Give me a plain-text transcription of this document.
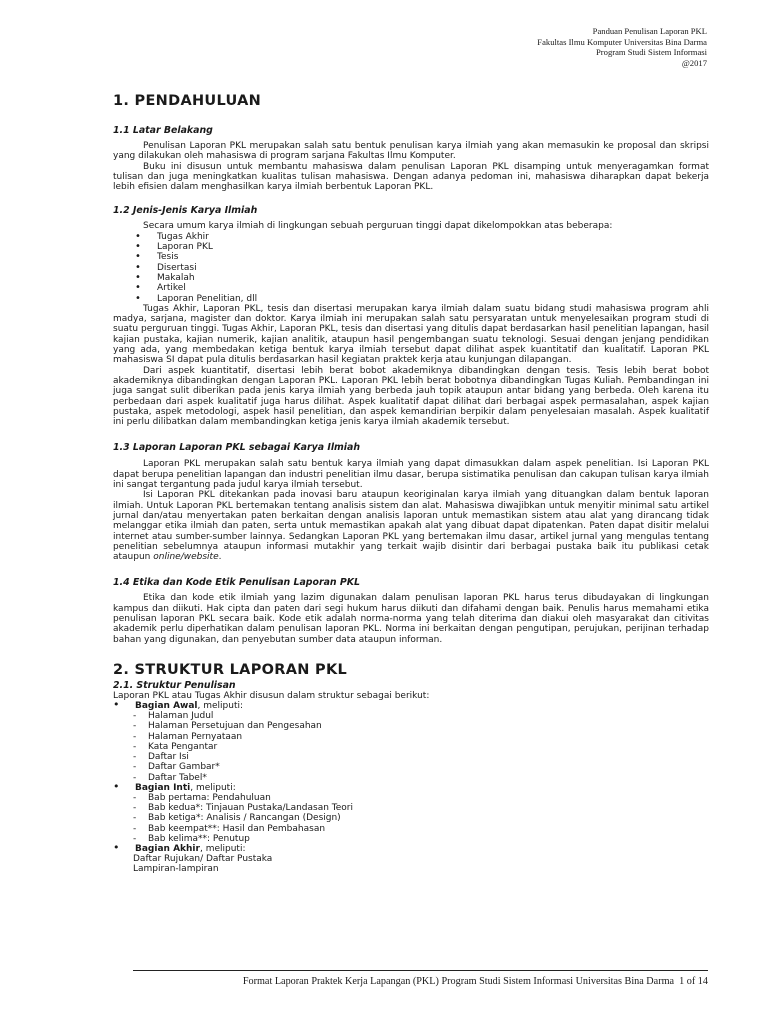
Panduan Penulisan Laporan PKL
Fakultas Ilmu Komputer Universitas Bina Darma
Program Studi Sistem Informasi
@2017
1. PENDAHULUAN
1.1 Latar Belakang

Penulisan Laporan PKL merupakan salah satu bentuk penulisan karya ilmiah yang akan memasukin ke proposal dan skripsi yang dilakukan oleh mahasiswa di program sarjana Fakultas Ilmu Komputer.

Buku ini disusun untuk membantu mahasiswa dalam penulisan Laporan PKL disamping untuk menyeragamkan format tulisan dan juga meningkatkan kualitas tulisan mahasiswa. Dengan adanya pedoman ini, mahasiswa diharapkan dapat bekerja lebih efisien dalam menghasilkan karya ilmiah berbentuk Laporan PKL.

1.2 Jenis-Jenis Karya Ilmiah

Secara umum karya ilmiah di lingkungan sebuah perguruan tinggi dapat dikelompokkan atas beberapa:

• Tugas Akhir
• Laporan PKL
• Tesis
• Disertasi
• Makalah
• Artikel
• Laporan Penelitian, dll

Tugas Akhir, Laporan PKL, tesis dan disertasi merupakan karya ilmiah dalam suatu bidang studi mahasiswa program ahli madya, sarjana, magister dan doktor. Karya ilmiah ini merupakan salah satu persyaratan untuk menyelesaikan program studi di suatu perguruan tinggi. Tugas Akhir, Laporan PKL, tesis dan disertasi yang ditulis dapat berdasarkan hasil penelitian lapangan, hasil kajian pustaka, kajian numerik, kajian analitik, ataupun hasil pengembangan suatu teknologi. Sesuai dengan jenjang pendidikan yang ada, yang membedakan ketiga bentuk karya ilmiah tersebut dapat dilihat aspek kuantitatif dan kualitatif. Laporan PKL mahasiswa SI dapat pula ditulis berdasarkan hasil kegiatan praktek kerja atau kunjungan dilapangan.

Dari aspek kuantitatif, disertasi lebih berat bobot akademiknya dibandingkan dengan tesis. Tesis lebih berat bobot akademiknya dibandingkan dengan Laporan PKL. Laporan PKL lebih berat bobotnya dibandingkan Tugas Kuliah. Pembandingan ini juga sangat sulit diberikan pada jenis karya ilmiah yang berbeda jauh topik ataupun antar bidang yang berbeda. Oleh karena itu perbedaan dari aspek kualitatif juga harus dilihat. Aspek kualitatif dapat dilihat dari berbagai aspek permasalahan, aspek kajian pustaka, aspek metodologi, aspek hasil penelitian, dan aspek kemandirian berpikir dalam penyelesaian masalah. Aspek kualitatif ini perlu dilibatkan dalam membandingkan ketiga jenis karya ilmiah akademik tersebut.

1.3 Laporan Laporan PKL sebagai Karya Ilmiah

Laporan PKL merupakan salah satu bentuk karya ilmiah yang dapat dimasukkan dalam aspek penelitian. Isi Laporan PKL dapat berupa penelitian lapangan dan industri penelitian ilmu dasar, berupa sistimatika penulisan dan cakupan tulisan karya ilmiah ini sangat tergantung pada judul karya ilmiah tersebut.

Isi Laporan PKL ditekankan pada inovasi baru ataupun keoriginalan karya ilmiah yang dituangkan dalam bentuk laporan ilmiah. Untuk Laporan PKL bertemakan tentang analisis sistem dan alat. Mahasiswa diwajibkan untuk menyitir minimal satu artikel jurnal dan/atau menyertakan paten berkaitan dengan analisis laporan untuk memastikan sistem atau alat yang dirancang tidak melanggar etika ilmiah dan paten, serta untuk memastikan apakah alat yang dibuat dapat dipatenkan. Paten dapat disitir melalui internet atau sumber-sumber lainnya. Sedangkan Laporan PKL yang bertemakan ilmu dasar, artikel jurnal yang mengulas tentang penelitian sebelumnya ataupun informasi mutakhir yang terkait wajib disintir dari berbagai pustaka baik itu publikasi cetak ataupun online/website.

1.4 Etika dan Kode Etik Penulisan Laporan PKL

Etika dan kode etik ilmiah yang lazim digunakan dalam penulisan laporan PKL harus terus dibudayakan di lingkungan kampus dan diikuti. Hak cipta dan paten dari segi hukum harus diikuti dan difahami dengan baik. Penulis harus memahami etika penulisan laporan PKL secara baik. Kode etik adalah norma-norma yang telah diterima dan diakui oleh masyarakat dan citivitas akademik perlu diperhatikan dalam penulisan laporan PKL. Norma ini berkaitan dengan pengutipan, perujukan, perijinan terhadap bahan yang digunakan, dan penyebutan sumber data ataupun informan.

2. STRUKTUR LAPORAN PKL
2.1. Struktur Penulisan
Laporan PKL atau Tugas Akhir disusun dalam struktur sebagai berikut:
• Bagian Awal, meliputi:
- Halaman Judul
- Halaman Persetujuan dan Pengesahan
- Halaman Pernyataan
- Kata Pengantar
- Daftar Isi
- Daftar Gambar*
- Daftar Tabel*
• Bagian Inti, meliputi:
- Bab pertama: Pendahuluan
- Bab kedua*: Tinjauan Pustaka/Landasan Teori
- Bab ketiga*: Analisis / Rancangan (Design)
- Bab keempat**: Hasil dan Pembahasan
- Bab kelima**: Penutup
• Bagian Akhir, meliputi:
Daftar Rujukan/ Daftar Pustaka
Lampiran-lampiran
Format Laporan Praktek Kerja Lapangan (PKL) Program Studi Sistem Informasi Universitas Bina Darma 1 of 14
